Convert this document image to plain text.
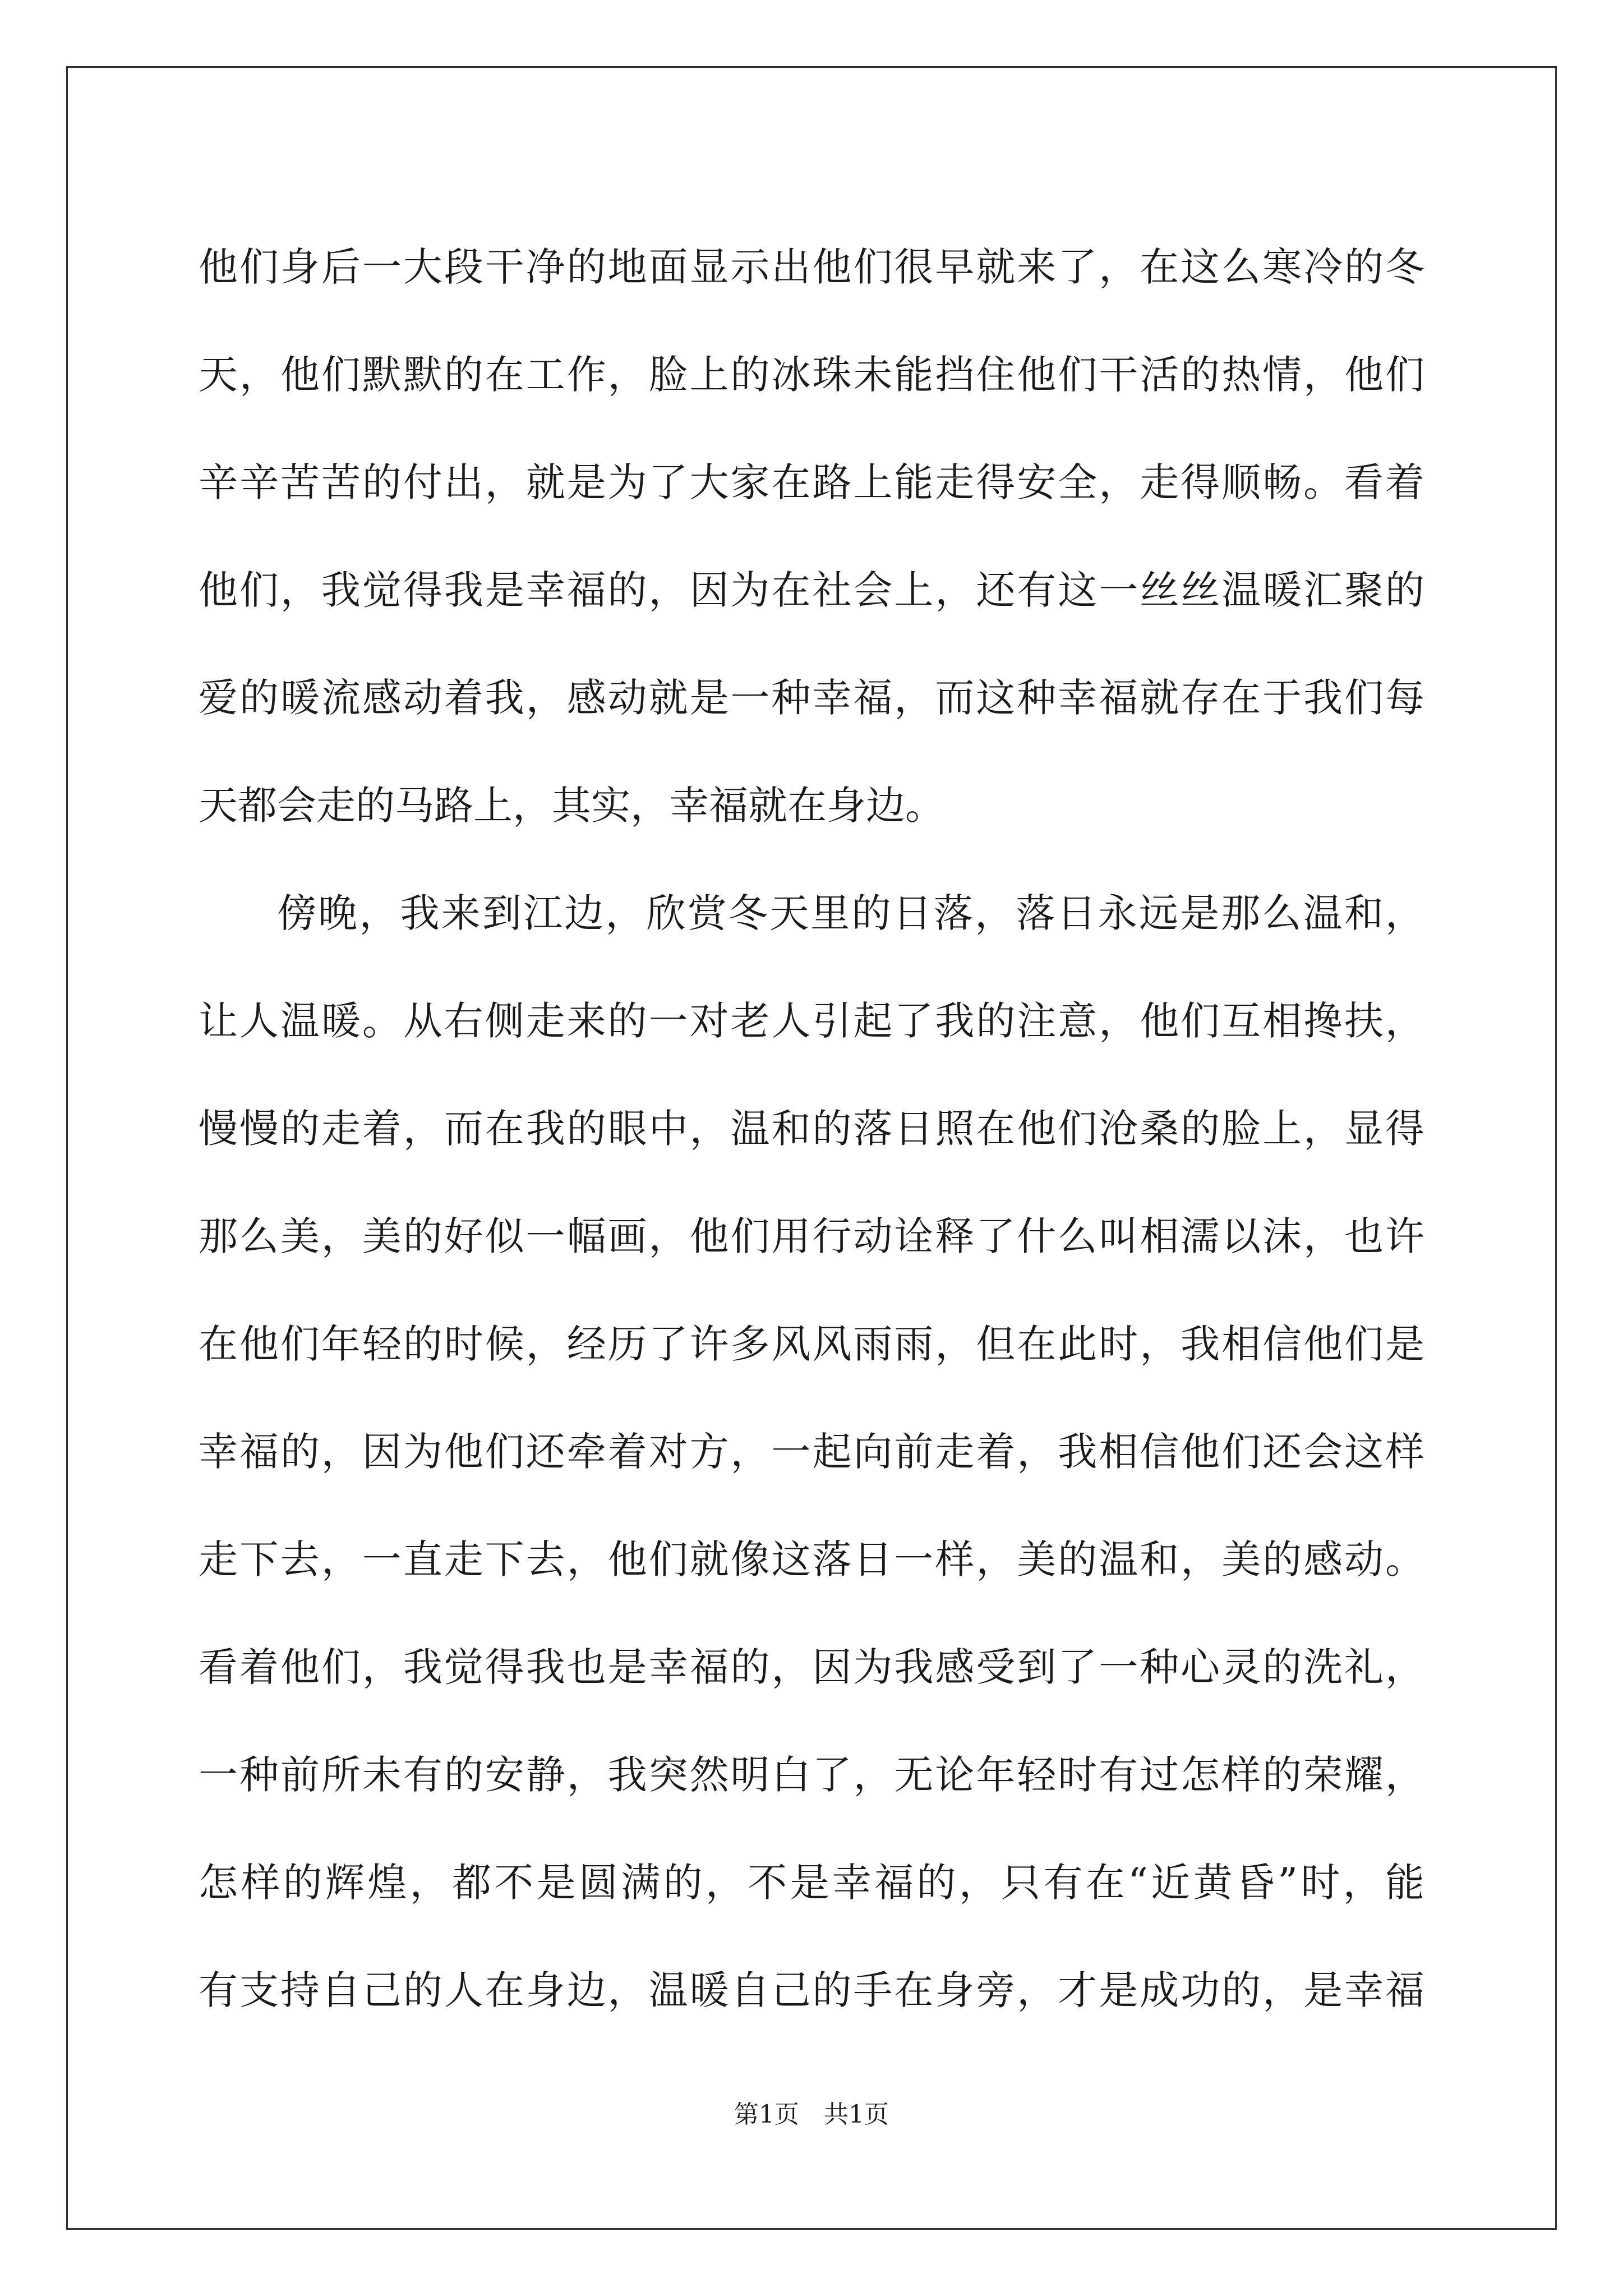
他们身后一大段干净的地面显示出他们很早就来了，在这么寒冷的冬
天，他们默默的在工作，脸上的冰珠未能挡住他们干活的热情，他们
辛辛苦苦的付出，就是为了大家在路上能走得安全，走得顺畅。看着
他们，我觉得我是幸福的，因为在社会上，还有这一丝丝温暖汇聚的
爱的暖流感动着我，感动就是一种幸福，而这种幸福就存在于我们每
天都会走的马路上，其实，幸福就在身边。
傍晚，我来到江边，欣赏冬天里的日落，落日永远是那么温和，
让人温暖。从右侧走来的一对老人引起了我的注意，他们互相搀扶，
慢慢的走着，而在我的眼中，温和的落日照在他们沧桑的脸上，显得
那么美，美的好似一幅画，他们用行动诠释了什么叫相濡以沫，也许
在他们年轻的时候，经历了许多风风雨雨，但在此时，我相信他们是
幸福的，因为他们还牵着对方，一起向前走着，我相信他们还会这样
走下去，一直走下去，他们就像这落日一样，美的温和，美的感动。
看着他们，我觉得我也是幸福的，因为我感受到了一种心灵的洗礼，
一种前所未有的安静，我突然明白了，无论年轻时有过怎样的荣耀，
怎样的辉煌，都不是圆满的，不是幸福的，只有在“近黄昏”时，能
有支持自己的人在身边，温暖自己的手在身旁，才是成功的，是幸福
第1页　共1页
